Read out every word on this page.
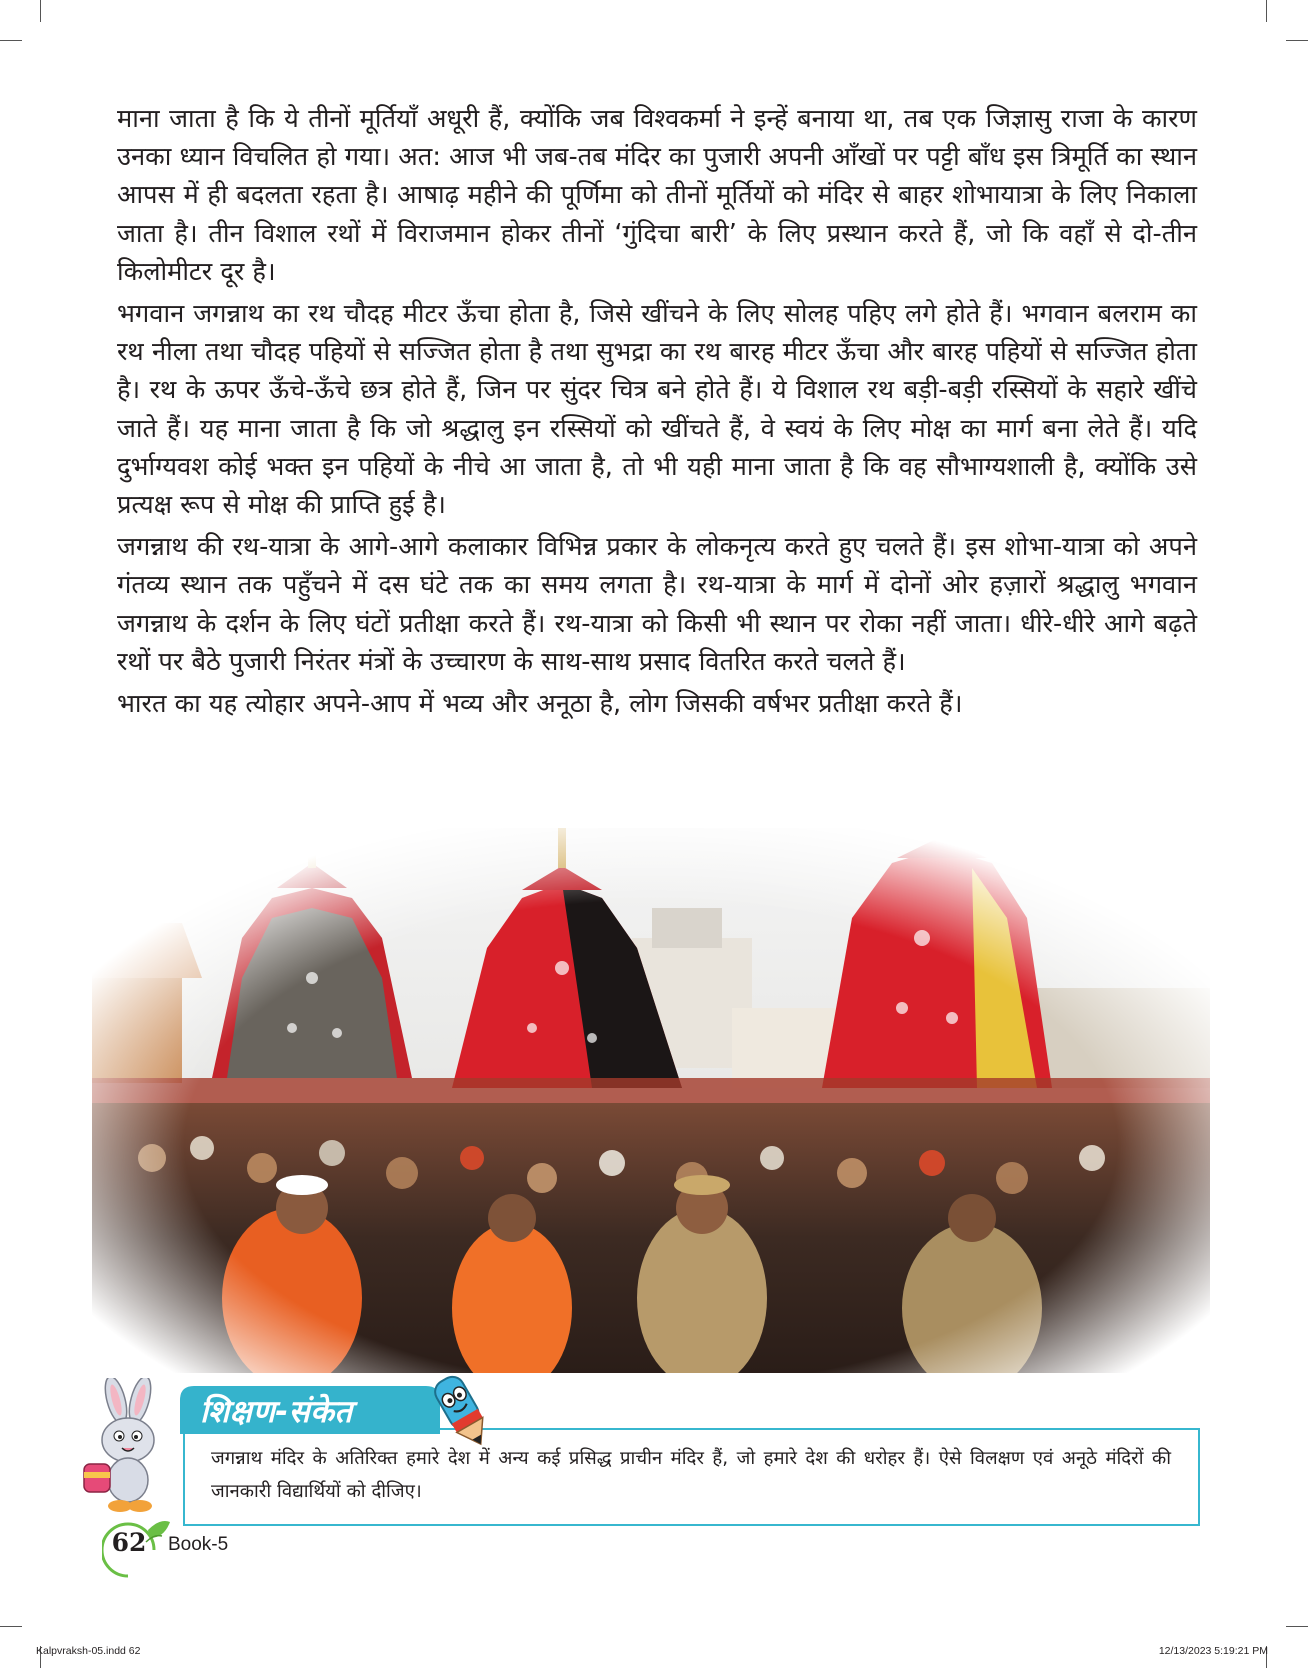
माना जाता है कि ये तीनों मूर्तियाँ अधूरी हैं, क्योंकि जब विश्वकर्मा ने इन्हें बनाया था, तब एक जिज्ञासु राजा के कारण उनका ध्यान विचलित हो गया। अत: आज भी जब-तब मंदिर का पुजारी अपनी आँखों पर पट्टी बाँध इस त्रिमूर्ति का स्थान आपस में ही बदलता रहता है। आषाढ़ महीने की पूर्णिमा को तीनों मूर्तियों को मंदिर से बाहर शोभायात्रा के लिए निकाला जाता है। तीन विशाल रथों में विराजमान होकर तीनों ‘गुंदिचा बारी’ के लिए प्रस्थान करते हैं, जो कि वहाँ से दो-तीन किलोमीटर दूर है।

भगवान जगन्नाथ का रथ चौदह मीटर ऊँचा होता है, जिसे खींचने के लिए सोलह पहिए लगे होते हैं। भगवान बलराम का रथ नीला तथा चौदह पहियों से सज्जित होता है तथा सुभद्रा का रथ बारह मीटर ऊँचा और बारह पहियों से सज्जित होता है। रथ के ऊपर ऊँचे-ऊँचे छत्र होते हैं, जिन पर सुंदर चित्र बने होते हैं। ये विशाल रथ बड़ी-बड़ी रस्सियों के सहारे खींचे जाते हैं। यह माना जाता है कि जो श्रद्धालु इन रस्सियों को खींचते हैं, वे स्वयं के लिए मोक्ष का मार्ग बना लेते हैं। यदि दुर्भाग्यवश कोई भक्त इन पहियों के नीचे आ जाता है, तो भी यही माना जाता है कि वह सौभाग्यशाली है, क्योंकि उसे प्रत्यक्ष रूप से मोक्ष की प्राप्ति हुई है।

जगन्नाथ की रथ-यात्रा के आगे-आगे कलाकार विभिन्न प्रकार के लोकनृत्य करते हुए चलते हैं। इस शोभा-यात्रा को अपने गंतव्य स्थान तक पहुँचने में दस घंटे तक का समय लगता है। रथ-यात्रा के मार्ग में दोनों ओर हज़ारों श्रद्धालु भगवान जगन्नाथ के दर्शन के लिए घंटों प्रतीक्षा करते हैं। रथ-यात्रा को किसी भी स्थान पर रोका नहीं जाता। धीरे-धीरे आगे बढ़ते रथों पर बैठे पुजारी निरंतर मंत्रों के उच्चारण के साथ-साथ प्रसाद वितरित करते चलते हैं।

भारत का यह त्योहार अपने-आप में भव्य और अनूठा है, लोग जिसकी वर्षभर प्रतीक्षा करते हैं।

जगन्नाथ मंदिर के अतिरिक्त हमारे देश में अन्य कई प्रसिद्ध प्राचीन मंदिर हैं, जो हमारे देश की धरोहर हैं। ऐसे विलक्षण एवं अनूठे मंदिरों की जानकारी विद्यार्थियों को दीजिए।
शिक्षण-संकेत
62	Book-5
Kalpvraksh-05.indd 62	12/13/2023 5:19:21 PM
